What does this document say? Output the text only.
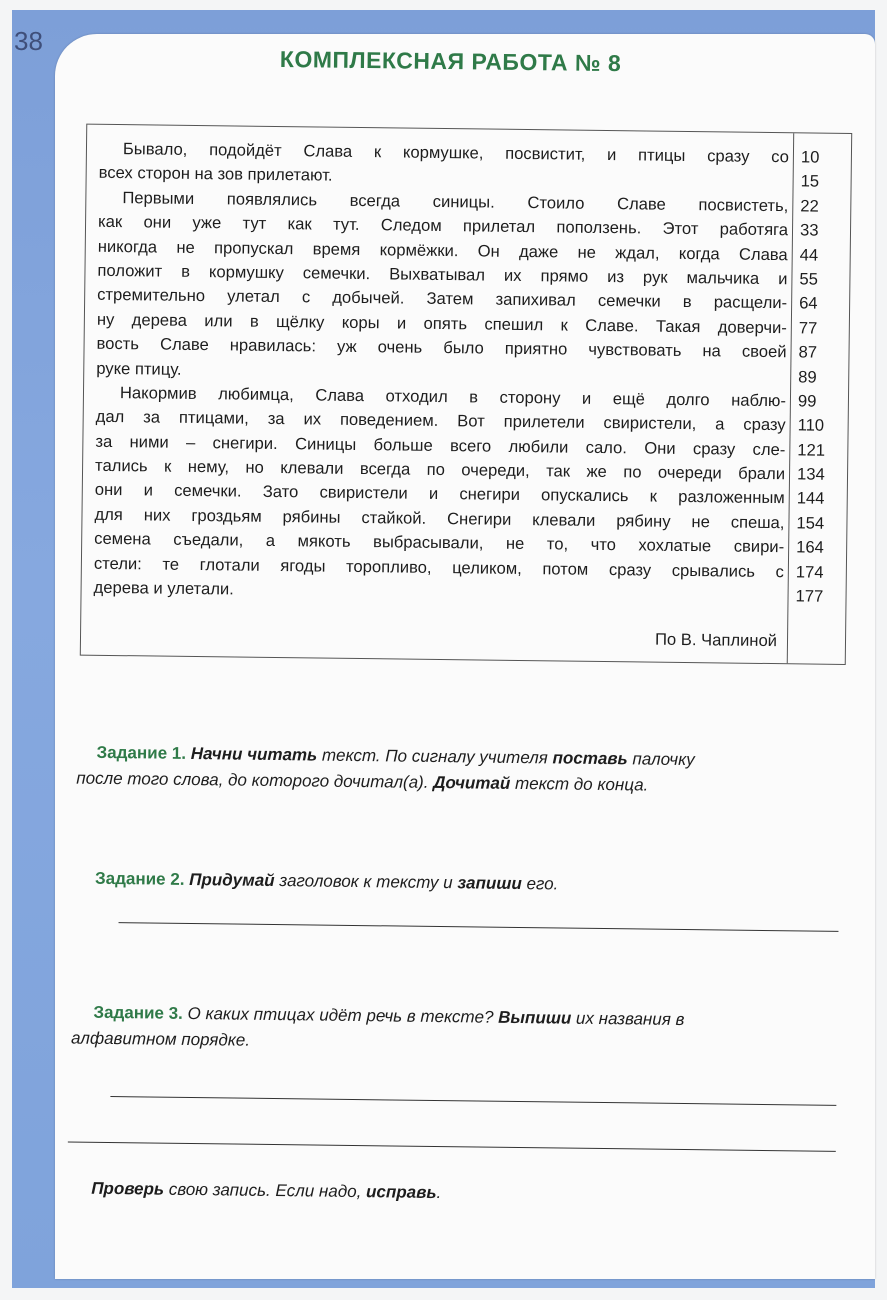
38
КОМПЛЕКСНАЯ РАБОТА № 8
Бывало, подойдёт Слава к кормушке, посвистит, и птицы сразу со
всех сторон на зов прилетают.
Первыми появлялись всегда синицы. Стоило Славе посвистеть,
как они уже тут как тут. Следом прилетал поползень. Этот работяга
никогда не пропускал время кормёжки. Он даже не ждал, когда Слава
положит в кормушку семечки. Выхватывал их прямо из рук мальчика и
стремительно улетал с добычей. Затем запихивал семечки в расщели-
ну дерева или в щёлку коры и опять спешил к Славе. Такая доверчи-
вость Славе нравилась: уж очень было приятно чувствовать на своей
руке птицу.
Накормив любимца, Слава отходил в сторону и ещё долго наблю-
дал за птицами, за их поведением. Вот прилетели свиристели, а сразу
за ними – снегири. Синицы больше всего любили сало. Они сразу сле-
тались к нему, но клевали всегда по очереди, так же по очереди брали
они и семечки. Зато свиристели и снегири опускались к разложенным
для них гроздьям рябины стайкой. Снегири клевали рябину не спеша,
семена съедали, а мякоть выбрасывали, не то, что хохлатые свири-
стели: те глотали ягоды торопливо, целиком, потом сразу срывались с
дерева и улетали.
10
15
22
33
44
55
64
77
87
89
99
110
121
134
144
154
164
174
177
По В. Чаплиной
Задание 1. Начни читать текст. По сигналу учителя поставь палочку
после того слова, до которого дочитал(а). Дочитай текст до конца.
Задание 2. Придумай заголовок к тексту и запиши его.
Задание 3. О каких птицах идёт речь в тексте? Выпиши их названия в
алфавитном порядке.
Проверь свою запись. Если надо, исправь.
